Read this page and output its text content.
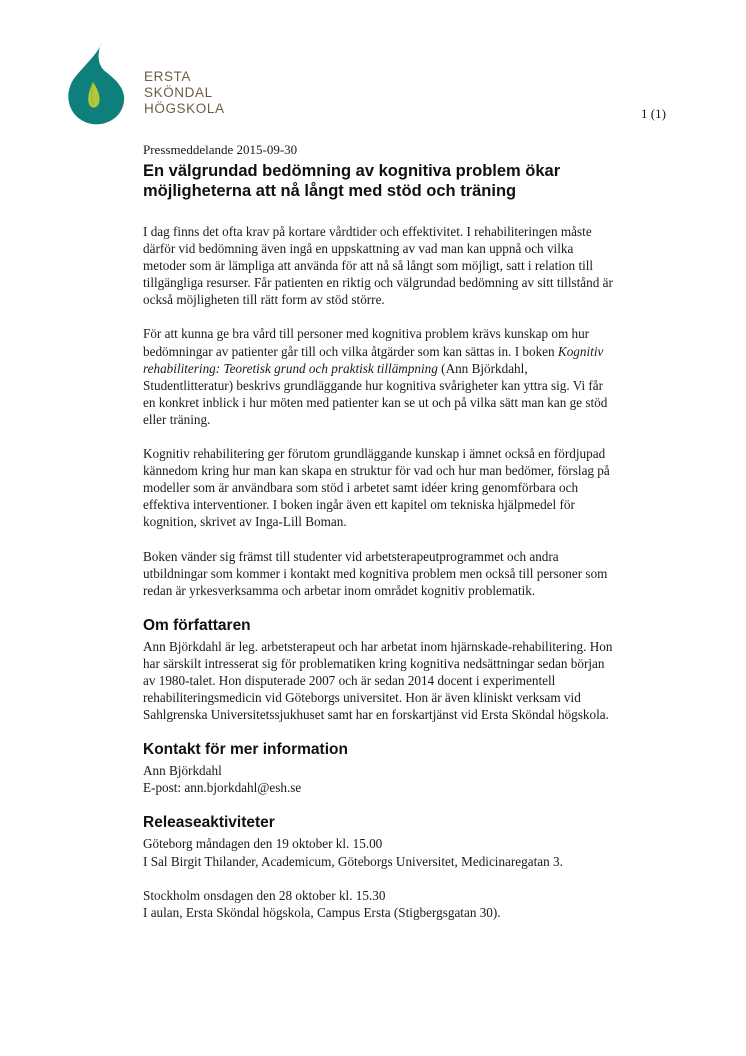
ERSTA
SKÖNDAL
HÖGSKOLA	1 (1)
Pressmeddelande 2015-09-30
En välgrundad bedömning av kognitiva problem ökar möjligheterna att nå långt med stöd och träning

I dag finns det ofta krav på kortare vårdtider och effektivitet. I rehabiliteringen måste därför vid bedömning även ingå en uppskattning av vad man kan uppnå och vilka metoder som är lämpliga att använda för att nå så långt som möjligt, satt i relation till tillgängliga resurser. Får patienten en riktig och välgrundad bedömning av sitt tillstånd är också möjligheten till rätt form av stöd större.

För att kunna ge bra vård till personer med kognitiva problem krävs kunskap om hur bedömningar av patienter går till och vilka åtgärder som kan sättas in. I boken Kognitiv rehabilitering: Teoretisk grund och praktisk tillämpning (Ann Björkdahl, Studentlitteratur) beskrivs grundläggande hur kognitiva svårigheter kan yttra sig. Vi får en konkret inblick i hur möten med patienter kan se ut och på vilka sätt man kan ge stöd eller träning.

Kognitiv rehabilitering ger förutom grundläggande kunskap i ämnet också en fördjupad kännedom kring hur man kan skapa en struktur för vad och hur man bedömer, förslag på modeller som är användbara som stöd i arbetet samt idéer kring genomförbara och effektiva interventioner. I boken ingår även ett kapitel om tekniska hjälpmedel för kognition, skrivet av Inga-Lill Boman.

Boken vänder sig främst till studenter vid arbetsterapeutprogrammet och andra utbildningar som kommer i kontakt med kognitiva problem men också till personer som redan är yrkesverksamma och arbetar inom området kognitiv problematik.

Om författaren

Ann Björkdahl är leg. arbetsterapeut och har arbetat inom hjärnskade-rehabilitering. Hon har särskilt intresserat sig för problematiken kring kognitiva nedsättningar sedan början av 1980-talet. Hon disputerade 2007 och är sedan 2014 docent i experimentell rehabiliteringsmedicin vid Göteborgs universitet. Hon är även kliniskt verksam vid Sahlgrenska Universitetssjukhuset samt har en forskartjänst vid Ersta Sköndal högskola.

Kontakt för mer information
Ann Björkdahl
E-post: ann.bjorkdahl@esh.se
Releaseaktiviteter
Göteborg måndagen den 19 oktober kl. 15.00
I Sal Birgit Thilander, Academicum, Göteborgs Universitet, Medicinaregatan 3.
Stockholm onsdagen den 28 oktober kl. 15.30
I aulan, Ersta Sköndal högskola, Campus Ersta (Stigbergsgatan 30).
